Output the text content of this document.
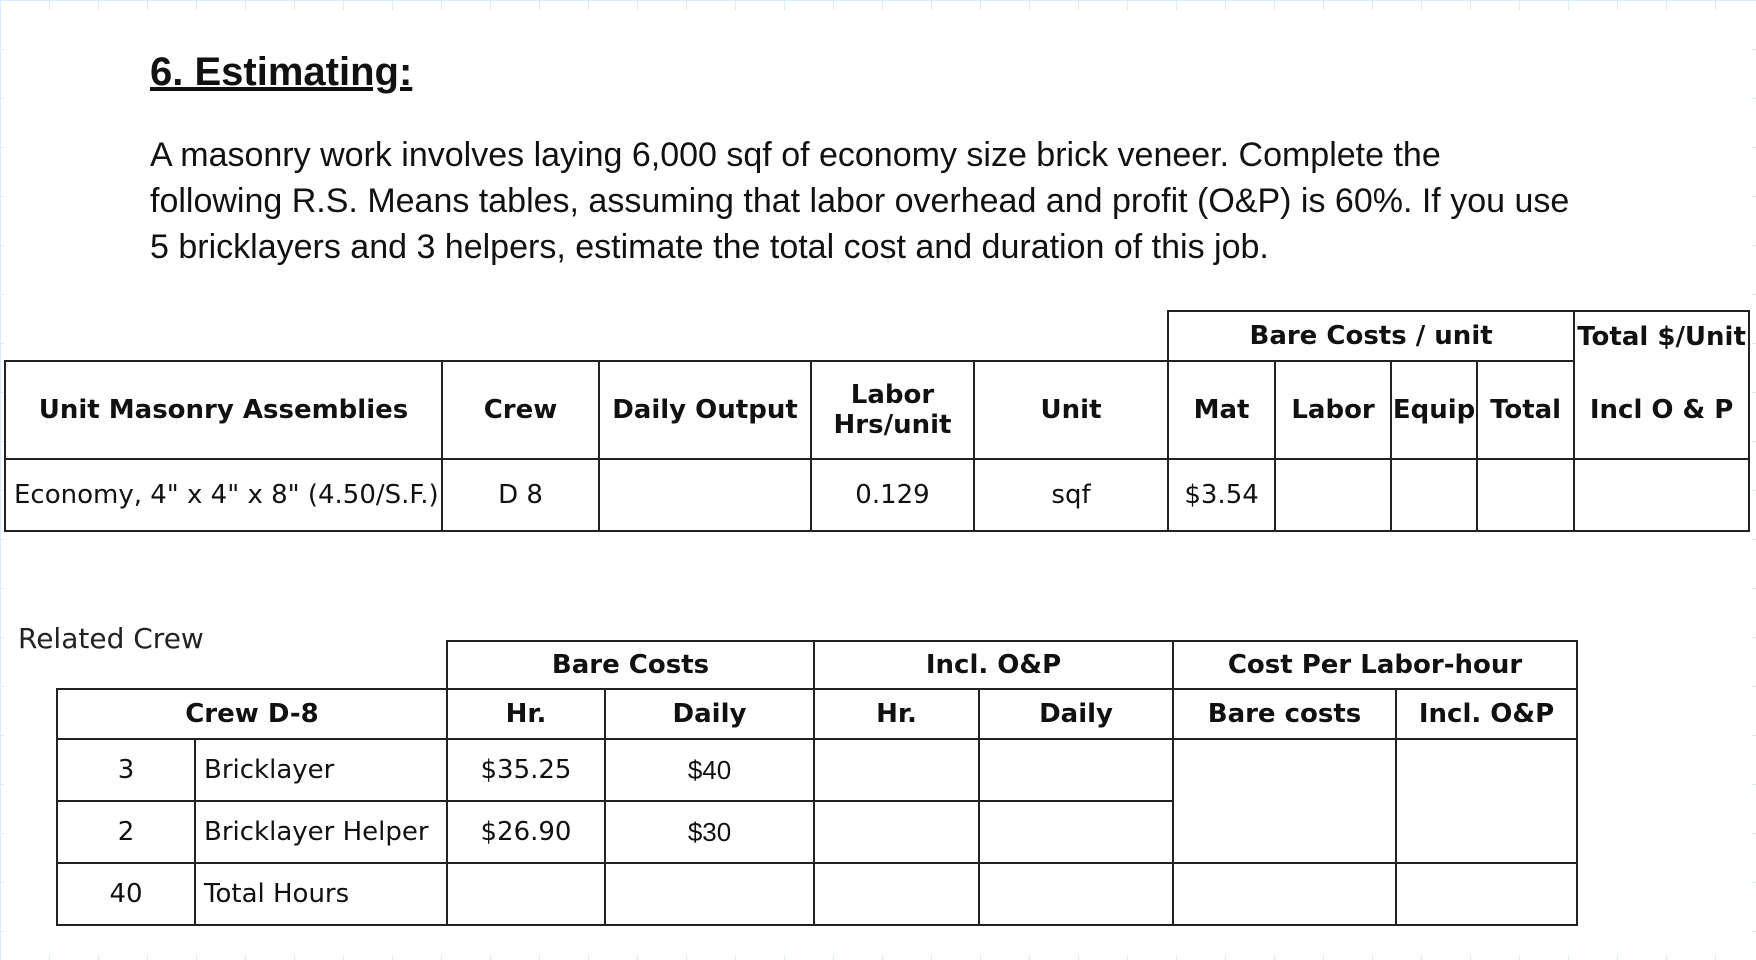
6. Estimating:
A masonry work involves laying 6,000 sqf of economy size brick veneer. Complete the following R.S. Means tables, assuming that labor overhead and profit (O&P) is 60%. If you use 5 bricklayers and 3 helpers, estimate the total cost and duration of this job.
					Bare Costs / unit				Total $/Unit
Unit Masonry Assemblies	Crew	Daily Output	Labor Hrs/unit	Unit	Mat	Labor	Equip	Total	Incl O & P
Economy, 4" x 4" x 8" (4.50/S.F.)	D 8		0.129	sqf	$3.54				
Related Crew
		Bare Costs		Incl. O&P		Cost Per Labor-hour	
Crew D-8		Hr.	Daily	Hr.	Daily	Bare costs	Incl. O&P
3	Bricklayer	$35.25	$40				
2	Bricklayer Helper	$26.90	$30				
40	Total Hours						
